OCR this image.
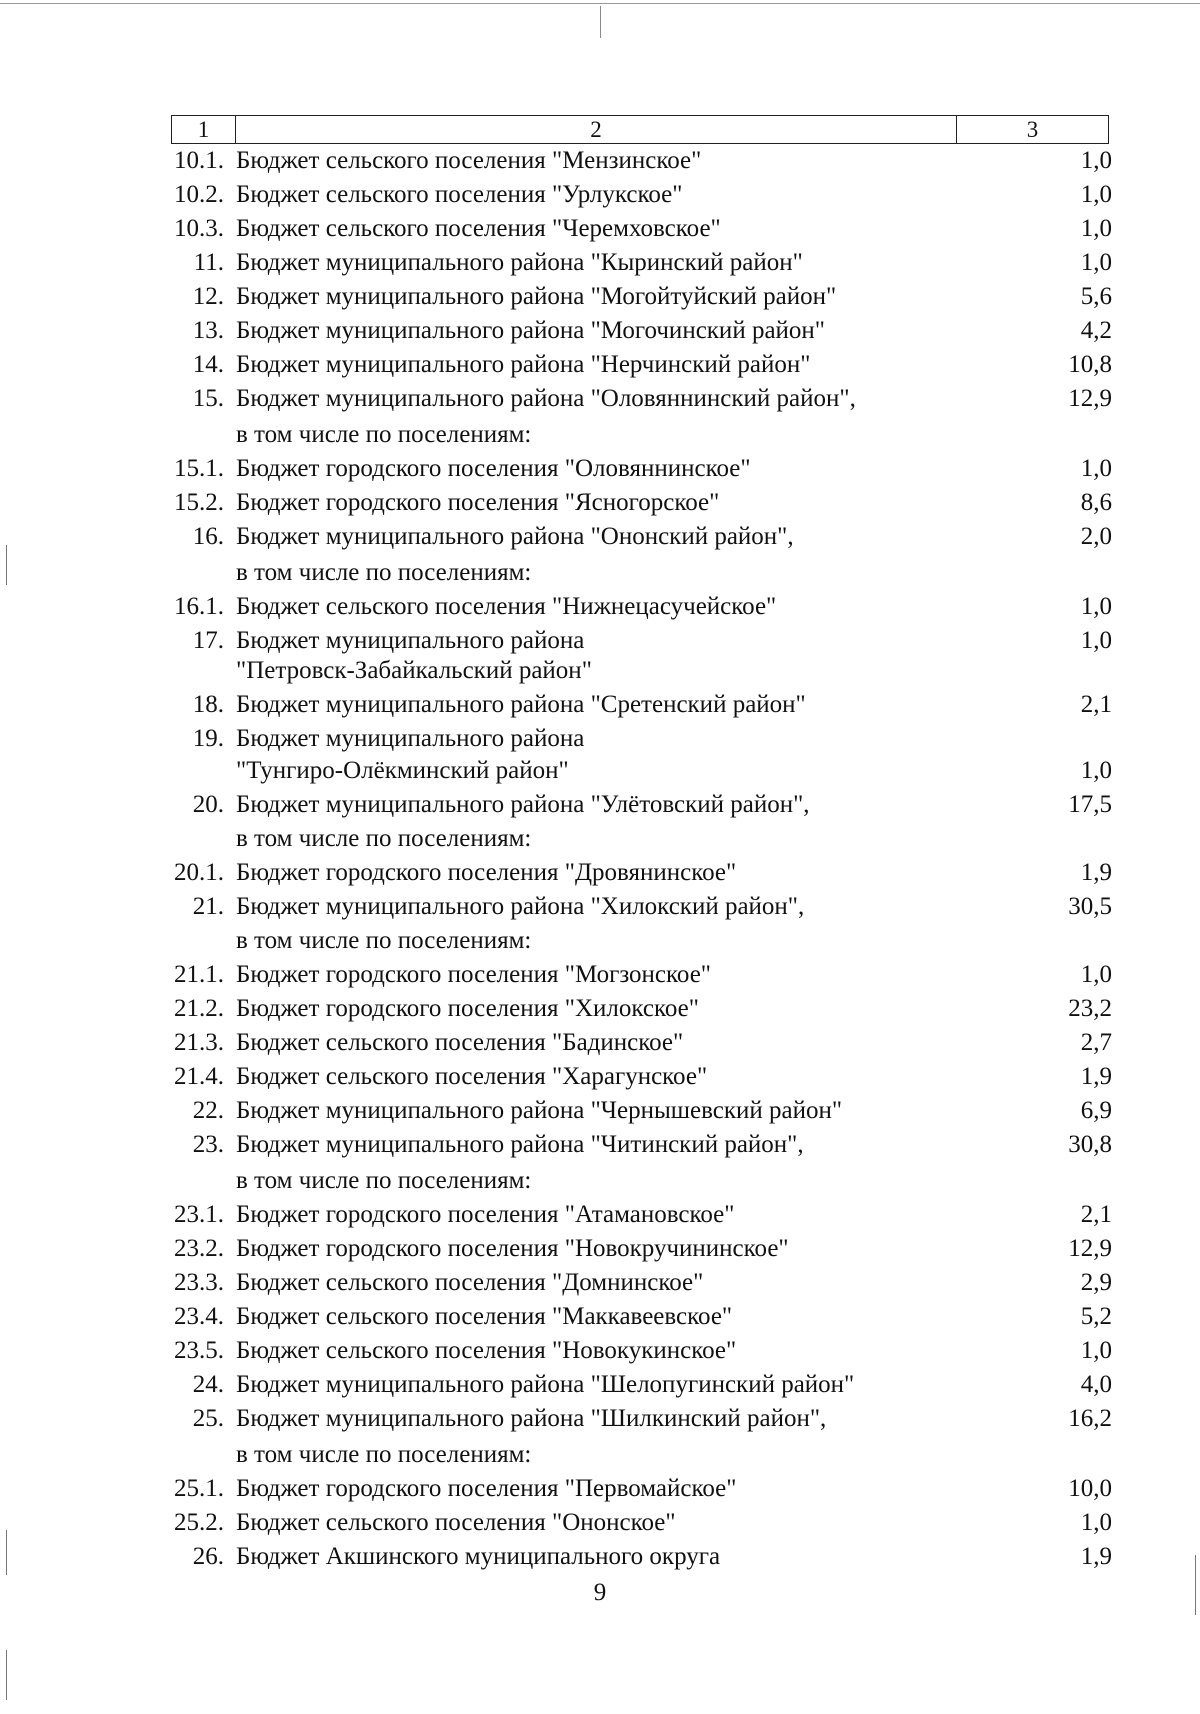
1	2	3
10.1. Бюджет сельского поселения "Мензинское"	1,0
10.2. Бюджет сельского поселения "Урлукское"	1,0
10.3. Бюджет сельского поселения "Черемховское"	1,0
11. Бюджет муниципального района "Кыринский район"	1,0
12. Бюджет муниципального района "Могойтуйский район"	5,6
13. Бюджет муниципального района "Могочинский район"	4,2
14. Бюджет муниципального района "Нерчинский район"	10,8
15. Бюджет муниципального района "Оловяннинский район",	12,9
в том числе по поселениям:
15.1. Бюджет городского поселения "Оловяннинское"	1,0
15.2. Бюджет городского поселения "Ясногорское"	8,6
16. Бюджет муниципального района "Ононский район",	2,0
в том числе по поселениям:
16.1. Бюджет сельского поселения "Нижнецасучейское"	1,0
17. Бюджет муниципального района	1,0
"Петровск-Забайкальский район"
18. Бюджет муниципального района "Сретенский район"	2,1
19. Бюджет муниципального района
"Тунгиро-Олёкминский район"	1,0
20. Бюджет муниципального района "Улётовский район",	17,5
в том числе по поселениям:
20.1. Бюджет городского поселения "Дровянинское"	1,9
21. Бюджет муниципального района "Хилокский район",	30,5
в том числе по поселениям:
21.1. Бюджет городского поселения "Могзонское"	1,0
21.2. Бюджет городского поселения "Хилокское"	23,2
21.3. Бюджет сельского поселения "Бадинское"	2,7
21.4. Бюджет сельского поселения "Харагунское"	1,9
22. Бюджет муниципального района "Чернышевский район"	6,9
23. Бюджет муниципального района "Читинский район",	30,8
в том числе по поселениям:
23.1. Бюджет городского поселения "Атамановское"	2,1
23.2. Бюджет городского поселения "Новокручининское"	12,9
23.3. Бюджет сельского поселения "Домнинское"	2,9
23.4. Бюджет сельского поселения "Маккавеевское"	5,2
23.5. Бюджет сельского поселения "Новокукинское"	1,0
24. Бюджет муниципального района "Шелопугинский район"	4,0
25. Бюджет муниципального района "Шилкинский район",	16,2
в том числе по поселениям:
25.1. Бюджет городского поселения "Первомайское"	10,0
25.2. Бюджет сельского поселения "Ононское"	1,0
26. Бюджет Акшинского муниципального округа	1,9
9
